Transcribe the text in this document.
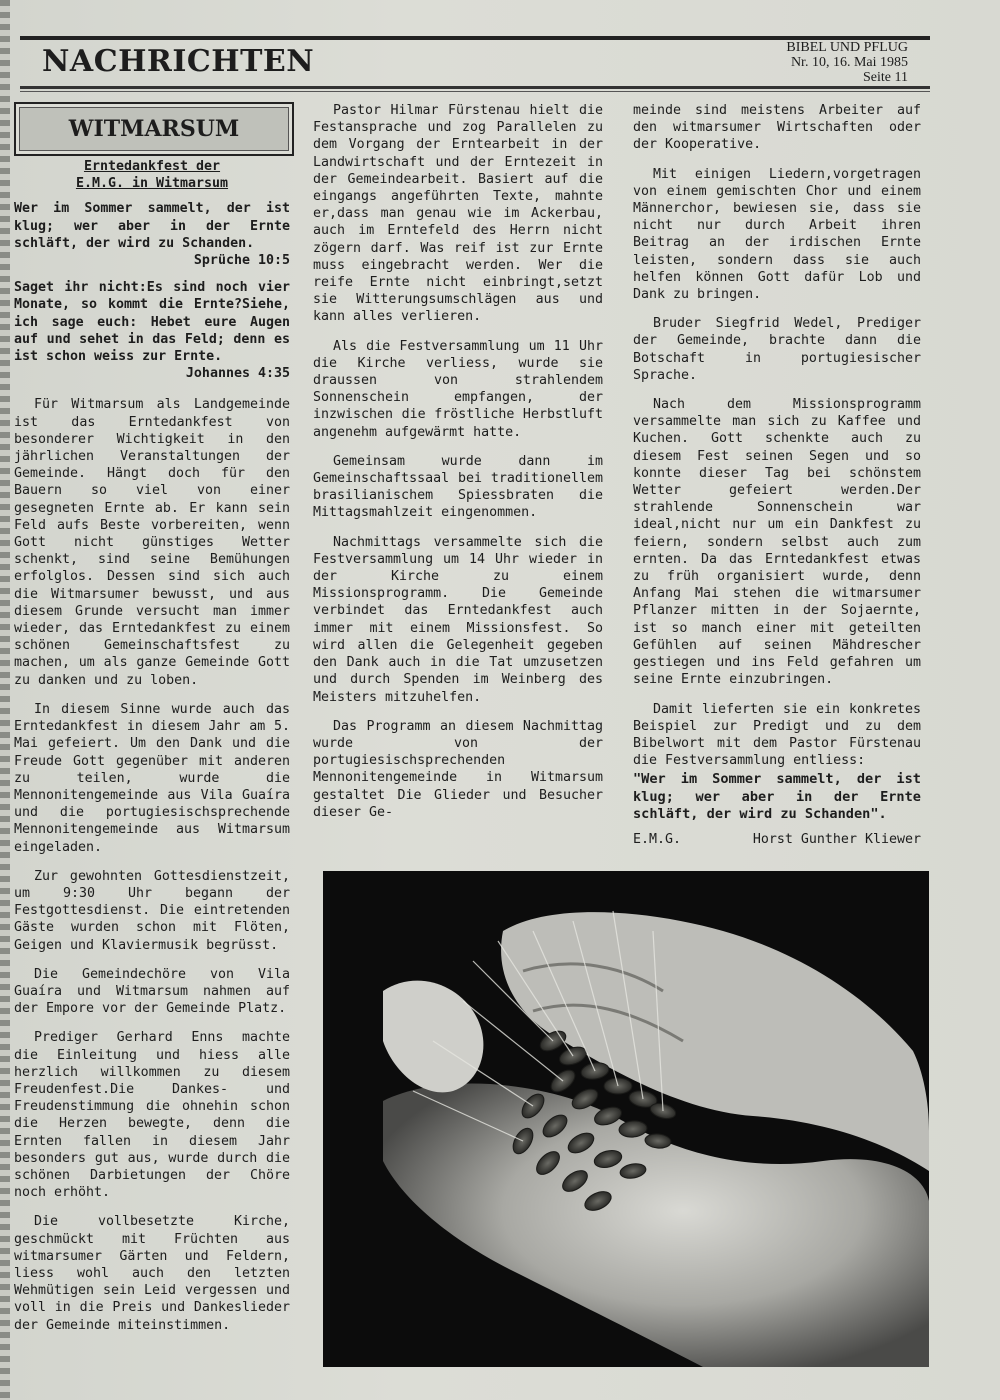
NACHRICHTEN	BIBEL UND PFLUG
Nr. 10, 16. Mai 1985
Seite 11
WITMARSUM

Erntedankfest der

E.M.G. in Witmarsum

Wer im Sommer sammelt, der ist klug; wer aber in der Ernte schläft, der wird zu Schanden.

Sprüche 10:5

Saget ihr nicht:Es sind noch vier Monate, so kommt die Ernte?Siehe, ich sage euch: Hebet eure Augen auf und sehet in das Feld; denn es ist schon weiss zur Ernte.

Johannes 4:35

Für Witmarsum als Landgemeinde ist das Erntedankfest von besonderer Wichtigkeit in den jährlichen Veranstaltungen der Gemeinde. Hängt doch für den Bauern so viel von einer gesegneten Ernte ab. Er kann sein Feld aufs Beste vorbereiten, wenn Gott nicht günstiges Wetter schenkt, sind seine Bemühungen erfolglos. Dessen sind sich auch die Witmarsumer bewusst, und aus diesem Grunde versucht man immer wieder, das Erntedankfest zu einem schönen Gemeinschaftsfest zu machen, um als ganze Gemeinde Gott zu danken und zu loben.

In diesem Sinne wurde auch das Erntedankfest in diesem Jahr am 5. Mai gefeiert. Um den Dank und die Freude Gott gegenüber mit anderen zu teilen, wurde die Mennonitengemeinde aus Vila Guaíra und die portugiesischsprechende Mennonitengemeinde aus Witmarsum eingeladen.

Zur gewohnten Gottesdienstzeit, um 9:30 Uhr begann der Festgottesdienst. Die eintretenden Gäste wurden schon mit Flöten, Geigen und Klaviermusik begrüsst.

Die Gemeindechöre von Vila Guaíra und Witmarsum nahmen auf der Empore vor der Gemeinde Platz.

Prediger Gerhard Enns machte die Einleitung und hiess alle herzlich willkommen zu diesem Freudenfest.Die Dankes- und Freudenstimmung die ohnehin schon die Herzen bewegte, denn die Ernten fallen in diesem Jahr besonders gut aus, wurde durch die schönen Darbietungen der Chöre noch erhöht.

Die vollbesetzte Kirche, geschmückt mit Früchten aus witmarsumer Gärten und Feldern, liess wohl auch den letzten Wehmütigen sein Leid vergessen und voll in die Preis und Dankeslieder der Gemeinde miteinstimmen.

Pastor Hilmar Fürstenau hielt die Festansprache und zog Parallelen zu dem Vorgang der Erntearbeit in der Landwirtschaft und der Erntezeit in der Gemeindearbeit. Basiert auf die eingangs angeführten Texte, mahnte er,dass man genau wie im Ackerbau, auch im Erntefeld des Herrn nicht zögern darf. Was reif ist zur Ernte muss eingebracht werden. Wer die reife Ernte nicht einbringt,setzt sie Witterungsumschlägen aus und kann alles verlieren.

Als die Festversammlung um 11 Uhr die Kirche verliess, wurde sie draussen von strahlendem Sonnenschein empfangen, der inzwischen die fröstliche Herbstluft angenehm aufgewärmt hatte.

Gemeinsam wurde dann im Gemeinschaftssaal bei traditionellem brasilianischem Spiessbraten die Mittagsmahlzeit eingenommen.

Nachmittags versammelte sich die Festversammlung um 14 Uhr wieder in der Kirche zu einem Missionsprogramm. Die Gemeinde verbindet das Erntedankfest auch immer mit einem Missionsfest. So wird allen die Gelegenheit gegeben den Dank auch in die Tat umzusetzen und durch Spenden im Weinberg des Meisters mitzuhelfen.

Das Programm an diesem Nachmittag wurde von der portugiesischsprechenden Mennonitengemeinde in Witmarsum gestaltet Die Glieder und Besucher dieser Ge-

meinde sind meistens Arbeiter auf den witmarsumer Wirtschaften oder der Kooperative.

Mit einigen Liedern,vorgetragen von einem gemischten Chor und einem Männerchor, bewiesen sie, dass sie nicht nur durch Arbeit ihren Beitrag an der irdischen Ernte leisten, sondern dass sie auch helfen können Gott dafür Lob und Dank zu bringen.

Bruder Siegfrid Wedel, Prediger der Gemeinde, brachte dann die Botschaft in portugiesischer Sprache.

Nach dem Missionsprogramm versammelte man sich zu Kaffee und Kuchen. Gott schenkte auch zu diesem Fest seinen Segen und so konnte dieser Tag bei schönstem Wetter gefeiert werden.Der strahlende Sonnenschein war ideal,nicht nur um ein Dankfest zu feiern, sondern selbst auch zum ernten. Da das Erntedankfest etwas zu früh organisiert wurde, denn Anfang Mai stehen die witmarsumer Pflanzer mitten in der Sojaernte, ist so manch einer mit geteilten Gefühlen auf seinen Mähdrescher gestiegen und ins Feld gefahren um seine Ernte einzubringen.

Damit lieferten sie ein konkretes Beispiel zur Predigt und zu dem Bibelwort mit dem Pastor Fürstenau die Festversammlung entliess:

"Wer im Sommer sammelt, der ist klug; wer aber in der Ernte schläft, der wird zu Schanden".

E.M.G.	Horst Gunther Kliewer
